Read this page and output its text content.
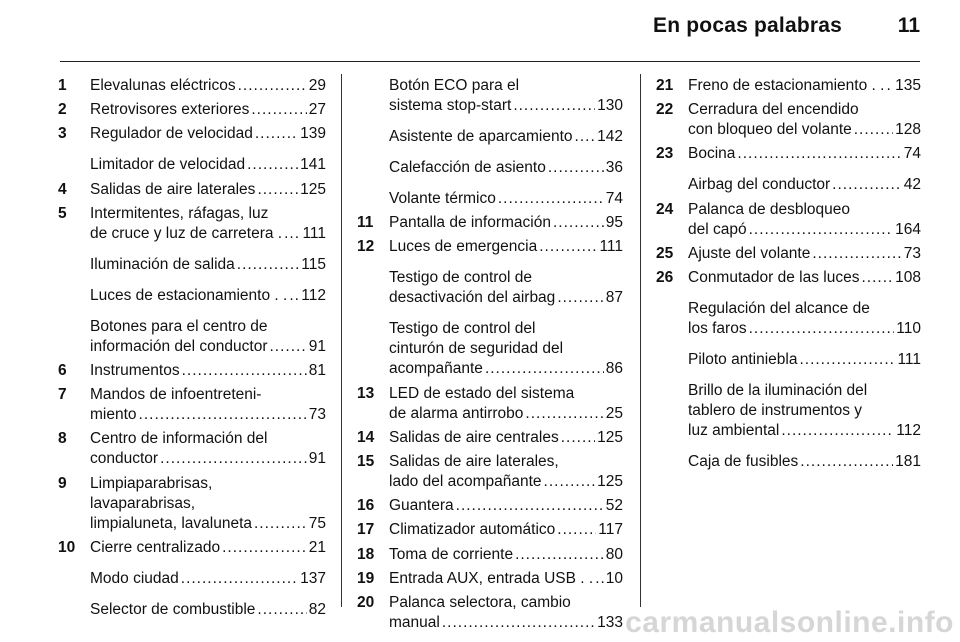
En pocas palabras	11
1 Elevalunas eléctricos .....	29
2 Retrovisores exteriores .....	27
3 Regulador de velocidad .....	139
Limitador de velocidad .....	141
4 Salidas de aire laterales .....	125
5 Intermitentes, ráfagas, luz
de cruce y luz de carretera . ..... 111
Iluminación de salida .....	115
Luces de estacionamiento . . ..... 112
Botones para el centro de
información del conductor .....	91
6 Instrumentos .....	81
7 Mandos de infoentreteni-
miento .....	73
8 Centro de información del
conductor .....	91
9 Limpiaparabrisas,
lavaparabrisas,
limpialuneta, lavaluneta .....	75
10 Cierre centralizado .....	21
Modo ciudad .....	137
Selector de combustible .....	82
Botón ECO para el
sistema stop-start .....	130
Asistente de aparcamiento ..... 142
Calefacción de asiento .....	36
Volante térmico .....	74
11 Pantalla de información .....	95
12 Luces de emergencia .....	111
Testigo de control de
desactivación del airbag .....	87
Testigo de control del
cinturón de seguridad del
acompañante .....	86
13 LED de estado del sistema
de alarma antirrobo .....	25
14 Salidas de aire centrales ..... 125
15 Salidas de aire laterales,
lado del acompañante .....	125
16 Guantera .....	52
17 Climatizador automático .....	117
18 Toma de corriente .....	80
19 Entrada AUX, entrada USB . . ..... 10
20 Palanca selectora, cambio
manual .....	133
21 Freno de estacionamiento . . ..... 135
22 Cerradura del encendido
con bloqueo del volante .....	128
23 Bocina .....	74
Airbag del conductor .....	42
24 Palanca de desbloqueo
del capó .....	164
25 Ajuste del volante .....	73
26 Conmutador de las luces ..... 108
Regulación del alcance de
los faros .....	110
Piloto antiniebla .....	111
Brillo de la iluminación del
tablero de instrumentos y
luz ambiental .....	112
Caja de fusibles .....	181
carmanualsonline.info
